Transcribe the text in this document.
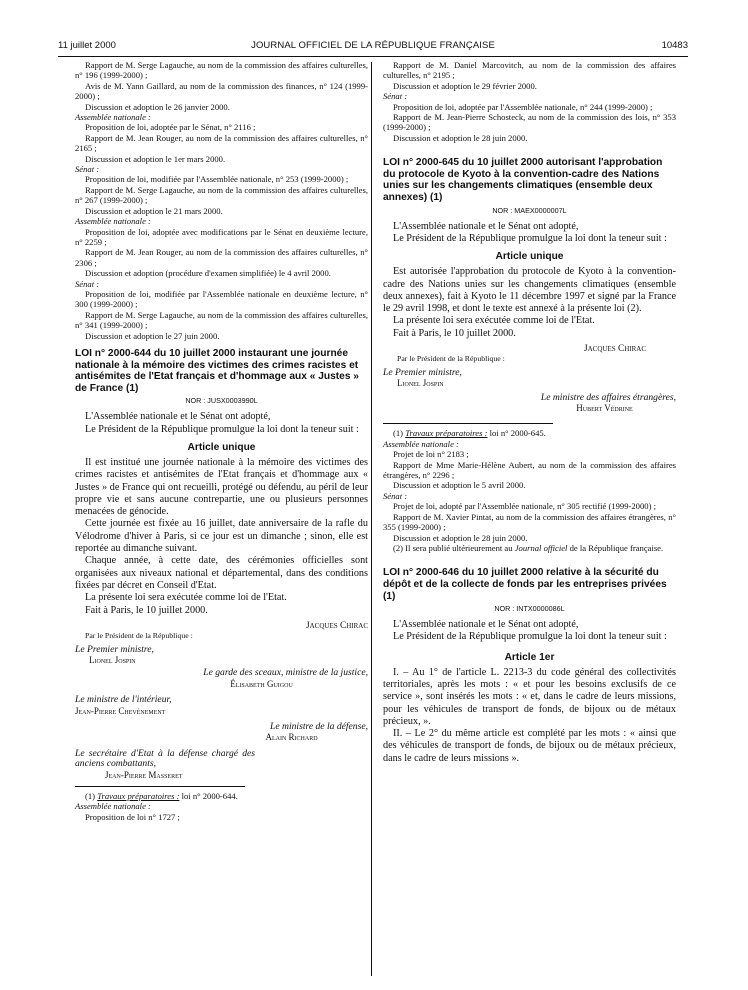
11 juillet 2000	JOURNAL OFFICIEL DE LA RÉPUBLIQUE FRANÇAISE	10483

Rapport de M. Serge Lagauche, au nom de la commission des affaires culturelles, n° 196 (1999-2000) ;

Avis de M. Yann Gaillard, au nom de la commission des finances, n° 124 (1999-2000) ;

Discussion et adoption le 26 janvier 2000.

Assemblée nationale :

Proposition de loi, adoptée par le Sénat, n° 2116 ;

Rapport de M. Jean Rouger, au nom de la commission des affaires culturelles, n° 2165 ;

Discussion et adoption le 1er mars 2000.

Sénat :

Proposition de loi, modifiée par l'Assemblée nationale, n° 253 (1999-2000) ;

Rapport de M. Serge Lagauche, au nom de la commission des affaires culturelles, n° 267 (1999-2000) ;

Discussion et adoption le 21 mars 2000.

Assemblée nationale :

Proposition de loi, adoptée avec modifications par le Sénat en deuxième lecture, n° 2259 ;

Rapport de M. Jean Rouger, au nom de la commission des affaires culturelles, n° 2306 ;

Discussion et adoption (procédure d'examen simplifiée) le 4 avril 2000.

Sénat :

Proposition de loi, modifiée par l'Assemblée nationale en deuxième lecture, n° 300 (1999-2000) ;

Rapport de M. Serge Lagauche, au nom de la commission des affaires culturelles, n° 341 (1999-2000) ;

Discussion et adoption le 27 juin 2000.

LOI n° 2000-644 du 10 juillet 2000 instaurant une journée nationale à la mémoire des victimes des crimes racistes et antisémites de l'Etat français et d'hommage aux « Justes » de France (1)

NOR : JUSX0003990L

L'Assemblée nationale et le Sénat ont adopté,

Le Président de la République promulgue la loi dont la teneur suit :

Article unique

Il est institué une journée nationale à la mémoire des victimes des crimes racistes et antisémites de l'Etat français et d'hommage aux « Justes » de France qui ont recueilli, protégé ou défendu, au péril de leur propre vie et sans aucune contrepartie, une ou plusieurs personnes menacées de génocide.

Cette journée est fixée au 16 juillet, date anniversaire de la rafle du Vélodrome d'hiver à Paris, si ce jour est un dimanche ; sinon, elle est reportée au dimanche suivant.

Chaque année, à cette date, des cérémonies officielles sont organisées aux niveaux national et départemental, dans des conditions fixées par décret en Conseil d'Etat.

La présente loi sera exécutée comme loi de l'Etat.

Fait à Paris, le 10 juillet 2000.

Jacques Chirac

Par le Président de la République :

Le Premier ministre,

Lionel Jospin

Le garde des sceaux, ministre de la justice,

Élisabeth Guigou

Le ministre de l'intérieur,

Jean-Pierre Chevènement

Le ministre de la défense,

Alain Richard

Le secrétaire d'Etat à la défense chargé des anciens combattants,

Jean-Pierre Masseret

(1) Travaux préparatoires : loi n° 2000-644.

Assemblée nationale :

Proposition de loi n° 1727 ;

Rapport de M. Daniel Marcovitch, au nom de la commission des affaires culturelles, n° 2195 ;

Discussion et adoption le 29 février 2000.

Sénat :

Proposition de loi, adoptée par l'Assemblée nationale, n° 244 (1999-2000) ;

Rapport de M. Jean-Pierre Schosteck, au nom de la commission des lois, n° 353 (1999-2000) ;

Discussion et adoption le 28 juin 2000.

LOI n° 2000-645 du 10 juillet 2000 autorisant l'approbation du protocole de Kyoto à la convention-cadre des Nations unies sur les changements climatiques (ensemble deux annexes) (1)

NOR : MAEX0000007L

L'Assemblée nationale et le Sénat ont adopté,

Le Président de la République promulgue la loi dont la teneur suit :

Article unique

Est autorisée l'approbation du protocole de Kyoto à la convention-cadre des Nations unies sur les changements climatiques (ensemble deux annexes), fait à Kyoto le 11 décembre 1997 et signé par la France le 29 avril 1998, et dont le texte est annexé à la présente loi (2).

La présente loi sera exécutée comme loi de l'Etat.

Fait à Paris, le 10 juillet 2000.

Jacques Chirac

Par le Président de la République :

Le Premier ministre,

Lionel Jospin

Le ministre des affaires étrangères,

Hubert Védrine

(1) Travaux préparatoires : loi n° 2000-645.

Assemblée nationale :

Projet de loi n° 2183 ;

Rapport de Mme Marie-Hélène Aubert, au nom de la commission des affaires étrangères, n° 2296 ;

Discussion et adoption le 5 avril 2000.

Sénat :

Projet de loi, adopté par l'Assemblée nationale, n° 305 rectifié (1999-2000) ;

Rapport de M. Xavier Pintat, au nom de la commission des affaires étrangères, n° 355 (1999-2000) ;

Discussion et adoption le 28 juin 2000.

(2) Il sera publié ultérieurement au Journal officiel de la République française.

LOI n° 2000-646 du 10 juillet 2000 relative à la sécurité du dépôt et de la collecte de fonds par les entreprises privées (1)

NOR : INTX0000086L

L'Assemblée nationale et le Sénat ont adopté,

Le Président de la République promulgue la loi dont la teneur suit :

Article 1er

I. – Au 1° de l'article L. 2213-3 du code général des collectivités territoriales, après les mots : « et pour les besoins exclusifs de ce service », sont insérés les mots : « et, dans le cadre de leurs missions, pour les véhicules de transport de fonds, de bijoux ou de métaux précieux, ».

II. – Le 2° du même article est complété par les mots : « ainsi que des véhicules de transport de fonds, de bijoux ou de métaux précieux, dans le cadre de leurs missions ».
